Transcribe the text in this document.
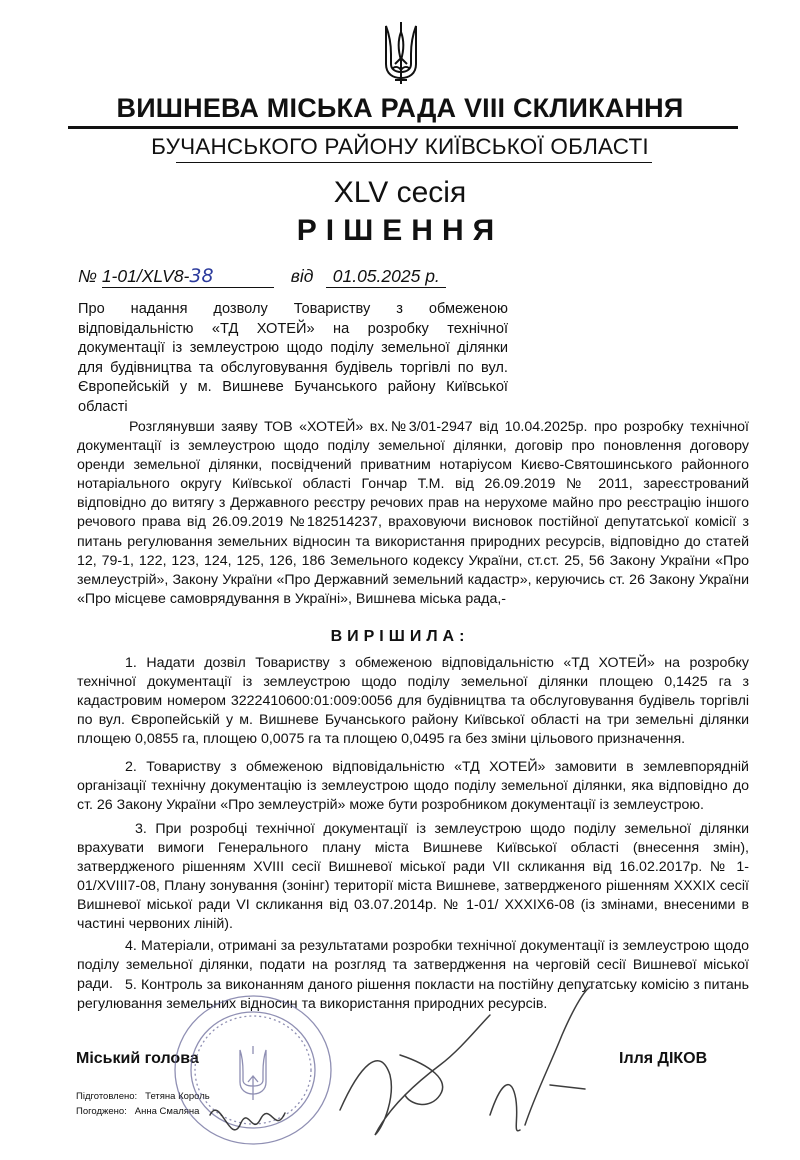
ВИШНЕВА МІСЬКА РАДА VIII СКЛИКАННЯ
БУЧАНСЬКОГО РАЙОНУ КИЇВСЬКОЇ ОБЛАСТІ
XLV сесія
РІШЕННЯ
№ 1-01/XLV8-38	від 01.05.2025 р.
Про надання дозволу Товариству з обмеженою відповідальністю «ТД ХОТЕЙ» на розробку технічної документації із землеустрою щодо поділу земельної ділянки для будівництва та обслуговування будівель торгівлі по вул. Європейській у м. Вишневе Бучанського району Київської області
Розглянувши заяву ТОВ «ХОТЕЙ» вх.№3/01-2947 від 10.04.2025р. про розробку технічної документації із землеустрою щодо поділу земельної ділянки, договір про поновлення договору оренди земельної ділянки, посвідчений приватним нотаріусом Києво-Святошинського районного нотаріального округу Київської області Гончар Т.М. від 26.09.2019 № 2011, зареєстрований відповідно до витягу з Державного реєстру речових прав на нерухоме майно про реєстрацію іншого речового права від 26.09.2019 №182514237, враховуючи висновок постійної депутатської комісії з питань регулювання земельних відносин та використання природних ресурсів, відповідно до статей 12, 79-1, 122, 123, 124, 125, 126, 186 Земельного кодексу України, ст.ст. 25, 56 Закону України «Про землеустрій», Закону України «Про Державний земельний кадастр», керуючись ст. 26 Закону України «Про місцеве самоврядування в Україні», Вишнева міська рада,-
ВИРІШИЛА:
1. Надати дозвіл Товариству з обмеженою відповідальністю «ТД ХОТЕЙ» на розробку технічної документації із землеустрою щодо поділу земельної ділянки площею 0,1425 га з кадастровим номером 3222410600:01:009:0056 для будівництва та обслуговування будівель торгівлі по вул. Європейській у м. Вишневе Бучанського району Київської області на три земельні ділянки площею 0,0855 га, площею 0,0075 га та площею 0,0495 га без зміни цільового призначення.
2. Товариству з обмеженою відповідальністю «ТД ХОТЕЙ» замовити в землевпорядній організації технічну документацію із землеустрою щодо поділу земельної ділянки, яка відповідно до ст. 26 Закону України «Про землеустрій» може бути розробником документації із землеустрою.
3. При розробці технічної документації із землеустрою щодо поділу земельної ділянки врахувати вимоги Генерального плану міста Вишневе Київської області (внесення змін), затвердженого рішенням XVIII сесії Вишневої міської ради VII скликання від 16.02.2017р. № 1-01/XVIII7-08, Плану зонування (зонінг) території міста Вишневе, затвердженого рішенням XXXIX сесії Вишневої міської ради VI скликання від 03.07.2014р. № 1-01/ XXXIX6-08 (із змінами, внесеними в частині червоних ліній).
4. Матеріали, отримані за результатами розробки технічної документації із землеустрою щодо поділу земельної ділянки, подати на розгляд та затвердження на черговій сесії Вишневої міської ради. 5. Контроль за виконанням даного рішення покласти на постійну депутатську комісію з питань регулювання земельних відносин та використання природних ресурсів.
Міський голова	Ілля ДІКОВ
Підготовлено: Тетяна Король
Погоджено: Анна Смаляна
